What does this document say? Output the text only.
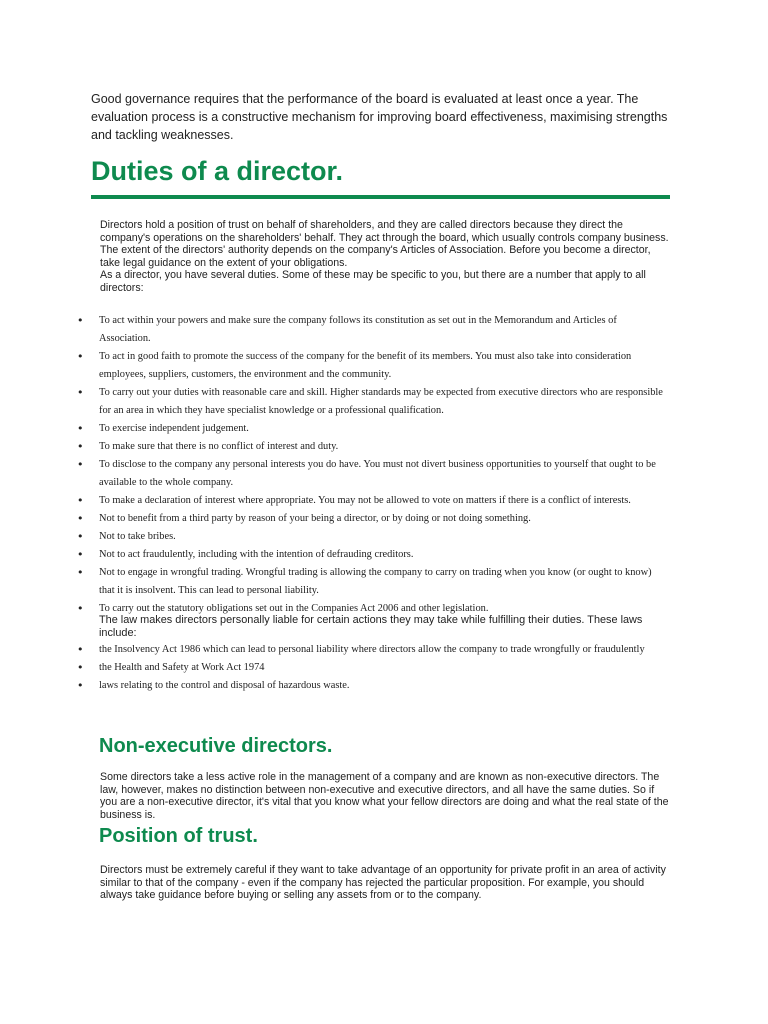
Good governance requires that the performance of the board is evaluated at least once a year. The evaluation process is a constructive mechanism for improving board effectiveness, maximising strengths and tackling weaknesses.

Duties of a director.

Directors hold a position of trust on behalf of shareholders, and they are called directors because they direct the company's operations on the shareholders' behalf. They act through the board, which usually controls company business.

The extent of the directors' authority depends on the company's Articles of Association. Before you become a director, take legal guidance on the extent of your obligations.

As a director, you have several duties. Some of these may be specific to you, but there are a number that apply to all directors:

• To act within your powers and make sure the company follows its constitution as set out in the Memorandum and Articles of Association.
• To act in good faith to promote the success of the company for the benefit of its members. You must also take into consideration employees, suppliers, customers, the environment and the community.
• To carry out your duties with reasonable care and skill. Higher standards may be expected from executive directors who are responsible for an area in which they have specialist knowledge or a professional qualification.
• To exercise independent judgement.
• To make sure that there is no conflict of interest and duty.
• To disclose to the company any personal interests you do have. You must not divert business opportunities to yourself that ought to be available to the whole company.
• To make a declaration of interest where appropriate. You may not be allowed to vote on matters if there is a conflict of interests.
• Not to benefit from a third party by reason of your being a director, or by doing or not doing something.
• Not to take bribes.
• Not to act fraudulently, including with the intention of defrauding creditors.
• Not to engage in wrongful trading. Wrongful trading is allowing the company to carry on trading when you know (or ought to know) that it is insolvent. This can lead to personal liability.
• To carry out the statutory obligations set out in the Companies Act 2006 and other legislation.
The law makes directors personally liable for certain actions they may take while fulfilling their duties. These laws include:
• the Insolvency Act 1986 which can lead to personal liability where directors allow the company to trade wrongfully or fraudulently
• the Health and Safety at Work Act 1974
• laws relating to the control and disposal of hazardous waste.
Non-executive directors.

Some directors take a less active role in the management of a company and are known as non-executive directors. The law, however, makes no distinction between non-executive and executive directors, and all have the same duties. So if you are a non-executive director, it's vital that you know what your fellow directors are doing and what the real state of the business is.

Position of trust.

Directors must be extremely careful if they want to take advantage of an opportunity for private profit in an area of activity similar to that of the company - even if the company has rejected the particular proposition. For example, you should always take guidance before buying or selling any assets from or to the company.
